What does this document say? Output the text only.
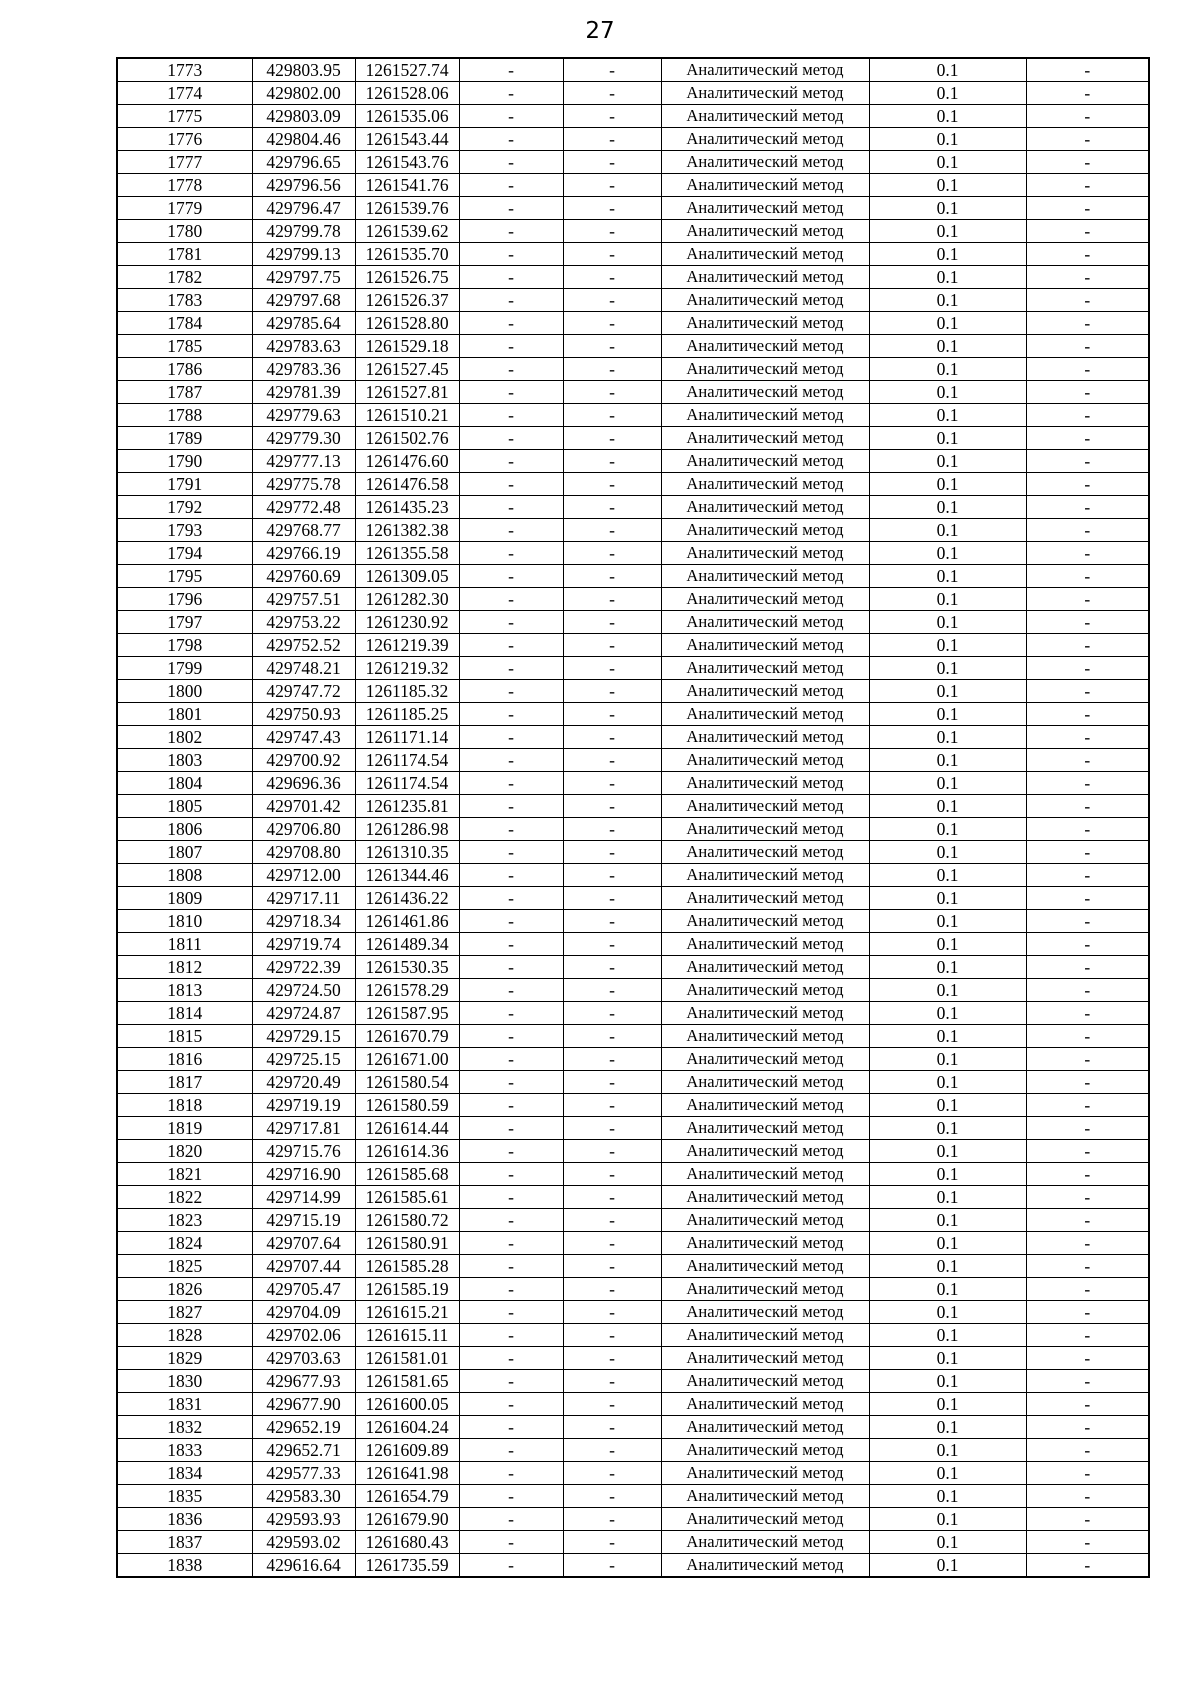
27
1773	429803.95	1261527.74	-	-	Аналитический метод	0.1	-
1774	429802.00	1261528.06	-	-	Аналитический метод	0.1	-
1775	429803.09	1261535.06	-	-	Аналитический метод	0.1	-
1776	429804.46	1261543.44	-	-	Аналитический метод	0.1	-
1777	429796.65	1261543.76	-	-	Аналитический метод	0.1	-
1778	429796.56	1261541.76	-	-	Аналитический метод	0.1	-
1779	429796.47	1261539.76	-	-	Аналитический метод	0.1	-
1780	429799.78	1261539.62	-	-	Аналитический метод	0.1	-
1781	429799.13	1261535.70	-	-	Аналитический метод	0.1	-
1782	429797.75	1261526.75	-	-	Аналитический метод	0.1	-
1783	429797.68	1261526.37	-	-	Аналитический метод	0.1	-
1784	429785.64	1261528.80	-	-	Аналитический метод	0.1	-
1785	429783.63	1261529.18	-	-	Аналитический метод	0.1	-
1786	429783.36	1261527.45	-	-	Аналитический метод	0.1	-
1787	429781.39	1261527.81	-	-	Аналитический метод	0.1	-
1788	429779.63	1261510.21	-	-	Аналитический метод	0.1	-
1789	429779.30	1261502.76	-	-	Аналитический метод	0.1	-
1790	429777.13	1261476.60	-	-	Аналитический метод	0.1	-
1791	429775.78	1261476.58	-	-	Аналитический метод	0.1	-
1792	429772.48	1261435.23	-	-	Аналитический метод	0.1	-
1793	429768.77	1261382.38	-	-	Аналитический метод	0.1	-
1794	429766.19	1261355.58	-	-	Аналитический метод	0.1	-
1795	429760.69	1261309.05	-	-	Аналитический метод	0.1	-
1796	429757.51	1261282.30	-	-	Аналитический метод	0.1	-
1797	429753.22	1261230.92	-	-	Аналитический метод	0.1	-
1798	429752.52	1261219.39	-	-	Аналитический метод	0.1	-
1799	429748.21	1261219.32	-	-	Аналитический метод	0.1	-
1800	429747.72	1261185.32	-	-	Аналитический метод	0.1	-
1801	429750.93	1261185.25	-	-	Аналитический метод	0.1	-
1802	429747.43	1261171.14	-	-	Аналитический метод	0.1	-
1803	429700.92	1261174.54	-	-	Аналитический метод	0.1	-
1804	429696.36	1261174.54	-	-	Аналитический метод	0.1	-
1805	429701.42	1261235.81	-	-	Аналитический метод	0.1	-
1806	429706.80	1261286.98	-	-	Аналитический метод	0.1	-
1807	429708.80	1261310.35	-	-	Аналитический метод	0.1	-
1808	429712.00	1261344.46	-	-	Аналитический метод	0.1	-
1809	429717.11	1261436.22	-	-	Аналитический метод	0.1	-
1810	429718.34	1261461.86	-	-	Аналитический метод	0.1	-
1811	429719.74	1261489.34	-	-	Аналитический метод	0.1	-
1812	429722.39	1261530.35	-	-	Аналитический метод	0.1	-
1813	429724.50	1261578.29	-	-	Аналитический метод	0.1	-
1814	429724.87	1261587.95	-	-	Аналитический метод	0.1	-
1815	429729.15	1261670.79	-	-	Аналитический метод	0.1	-
1816	429725.15	1261671.00	-	-	Аналитический метод	0.1	-
1817	429720.49	1261580.54	-	-	Аналитический метод	0.1	-
1818	429719.19	1261580.59	-	-	Аналитический метод	0.1	-
1819	429717.81	1261614.44	-	-	Аналитический метод	0.1	-
1820	429715.76	1261614.36	-	-	Аналитический метод	0.1	-
1821	429716.90	1261585.68	-	-	Аналитический метод	0.1	-
1822	429714.99	1261585.61	-	-	Аналитический метод	0.1	-
1823	429715.19	1261580.72	-	-	Аналитический метод	0.1	-
1824	429707.64	1261580.91	-	-	Аналитический метод	0.1	-
1825	429707.44	1261585.28	-	-	Аналитический метод	0.1	-
1826	429705.47	1261585.19	-	-	Аналитический метод	0.1	-
1827	429704.09	1261615.21	-	-	Аналитический метод	0.1	-
1828	429702.06	1261615.11	-	-	Аналитический метод	0.1	-
1829	429703.63	1261581.01	-	-	Аналитический метод	0.1	-
1830	429677.93	1261581.65	-	-	Аналитический метод	0.1	-
1831	429677.90	1261600.05	-	-	Аналитический метод	0.1	-
1832	429652.19	1261604.24	-	-	Аналитический метод	0.1	-
1833	429652.71	1261609.89	-	-	Аналитический метод	0.1	-
1834	429577.33	1261641.98	-	-	Аналитический метод	0.1	-
1835	429583.30	1261654.79	-	-	Аналитический метод	0.1	-
1836	429593.93	1261679.90	-	-	Аналитический метод	0.1	-
1837	429593.02	1261680.43	-	-	Аналитический метод	0.1	-
1838	429616.64	1261735.59	-	-	Аналитический метод	0.1	-
